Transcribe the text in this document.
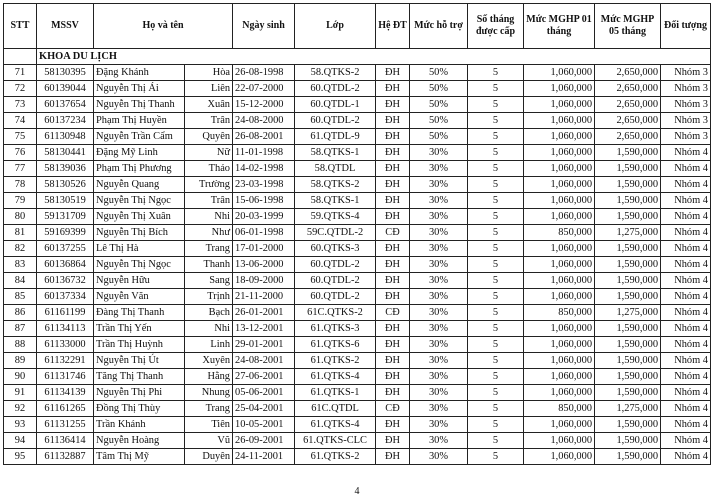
STT	MSSV	Họ và tên		Ngày sinh	Lớp	Hệ ĐT	Mức hỗ trợ	Số tháng được cấp	Mức MGHP 01 tháng	Mức MGHP 05 tháng	Đối tượng
	KHOA DU LỊCH										
71	58130395	Đặng Khánh	Hòa	26-08-1998	58.QTKS-2	ĐH	50%	5	1,060,000	2,650,000	Nhóm 3
72	60139044	Nguyễn Thị Ái	Liên	22-07-2000	60.QTDL-2	ĐH	50%	5	1,060,000	2,650,000	Nhóm 3
73	60137654	Nguyễn Thị Thanh	Xuân	15-12-2000	60.QTDL-1	ĐH	50%	5	1,060,000	2,650,000	Nhóm 3
74	60137234	Phạm Thị Huyền	Trân	24-08-2000	60.QTDL-2	ĐH	50%	5	1,060,000	2,650,000	Nhóm 3
75	61130948	Nguyễn Trần Cẩm	Quyên	26-08-2001	61.QTDL-9	ĐH	50%	5	1,060,000	2,650,000	Nhóm 3
76	58130441	Đặng Mỹ Linh	Nữ	11-01-1998	58.QTKS-1	ĐH	30%	5	1,060,000	1,590,000	Nhóm 4
77	58139036	Phạm Thị Phương	Thảo	14-02-1998	58.QTDL	ĐH	30%	5	1,060,000	1,590,000	Nhóm 4
78	58130526	Nguyễn Quang	Trường	23-03-1998	58.QTKS-2	ĐH	30%	5	1,060,000	1,590,000	Nhóm 4
79	58130519	Nguyễn Thị Ngọc	Trân	15-06-1998	58.QTKS-1	ĐH	30%	5	1,060,000	1,590,000	Nhóm 4
80	59131709	Nguyễn Thị Xuân	Nhi	20-03-1999	59.QTKS-4	ĐH	30%	5	1,060,000	1,590,000	Nhóm 4
81	59169399	Nguyễn Thị Bích	Như	06-01-1998	59C.QTDL-2	CĐ	30%	5	850,000	1,275,000	Nhóm 4
82	60137255	Lê Thị Hà	Trang	17-01-2000	60.QTKS-3	ĐH	30%	5	1,060,000	1,590,000	Nhóm 4
83	60136864	Nguyễn Thị Ngọc	Thanh	13-06-2000	60.QTDL-2	ĐH	30%	5	1,060,000	1,590,000	Nhóm 4
84	60136732	Nguyễn Hữu	Sang	18-09-2000	60.QTDL-2	ĐH	30%	5	1,060,000	1,590,000	Nhóm 4
85	60137334	Nguyễn Văn	Trịnh	21-11-2000	60.QTDL-2	ĐH	30%	5	1,060,000	1,590,000	Nhóm 4
86	61161199	Đàng Thị Thanh	Bạch	26-01-2001	61C.QTKS-2	CĐ	30%	5	850,000	1,275,000	Nhóm 4
87	61134113	Trần Thị Yến	Nhi	13-12-2001	61.QTKS-3	ĐH	30%	5	1,060,000	1,590,000	Nhóm 4
88	61133000	Trần Thị Huỳnh	Linh	29-01-2001	61.QTKS-6	ĐH	30%	5	1,060,000	1,590,000	Nhóm 4
89	61132291	Nguyễn Thị Út	Xuyên	24-08-2001	61.QTKS-2	ĐH	30%	5	1,060,000	1,590,000	Nhóm 4
90	61131746	Tăng Thị Thanh	Hằng	27-06-2001	61.QTKS-4	ĐH	30%	5	1,060,000	1,590,000	Nhóm 4
91	61134139	Nguyễn Thị Phi	Nhung	05-06-2001	61.QTKS-1	ĐH	30%	5	1,060,000	1,590,000	Nhóm 4
92	61161265	Đồng Thị Thùy	Trang	25-04-2001	61C.QTDL	CĐ	30%	5	850,000	1,275,000	Nhóm 4
93	61131255	Trần Khánh	Tiên	10-05-2001	61.QTKS-4	ĐH	30%	5	1,060,000	1,590,000	Nhóm 4
94	61136414	Nguyễn Hoàng	Vũ	26-09-2001	61.QTKS-CLC	ĐH	30%	5	1,060,000	1,590,000	Nhóm 4
95	61132887	Tâm Thị Mỹ	Duyên	24-11-2001	61.QTKS-2	ĐH	30%	5	1,060,000	1,590,000	Nhóm 4
4
